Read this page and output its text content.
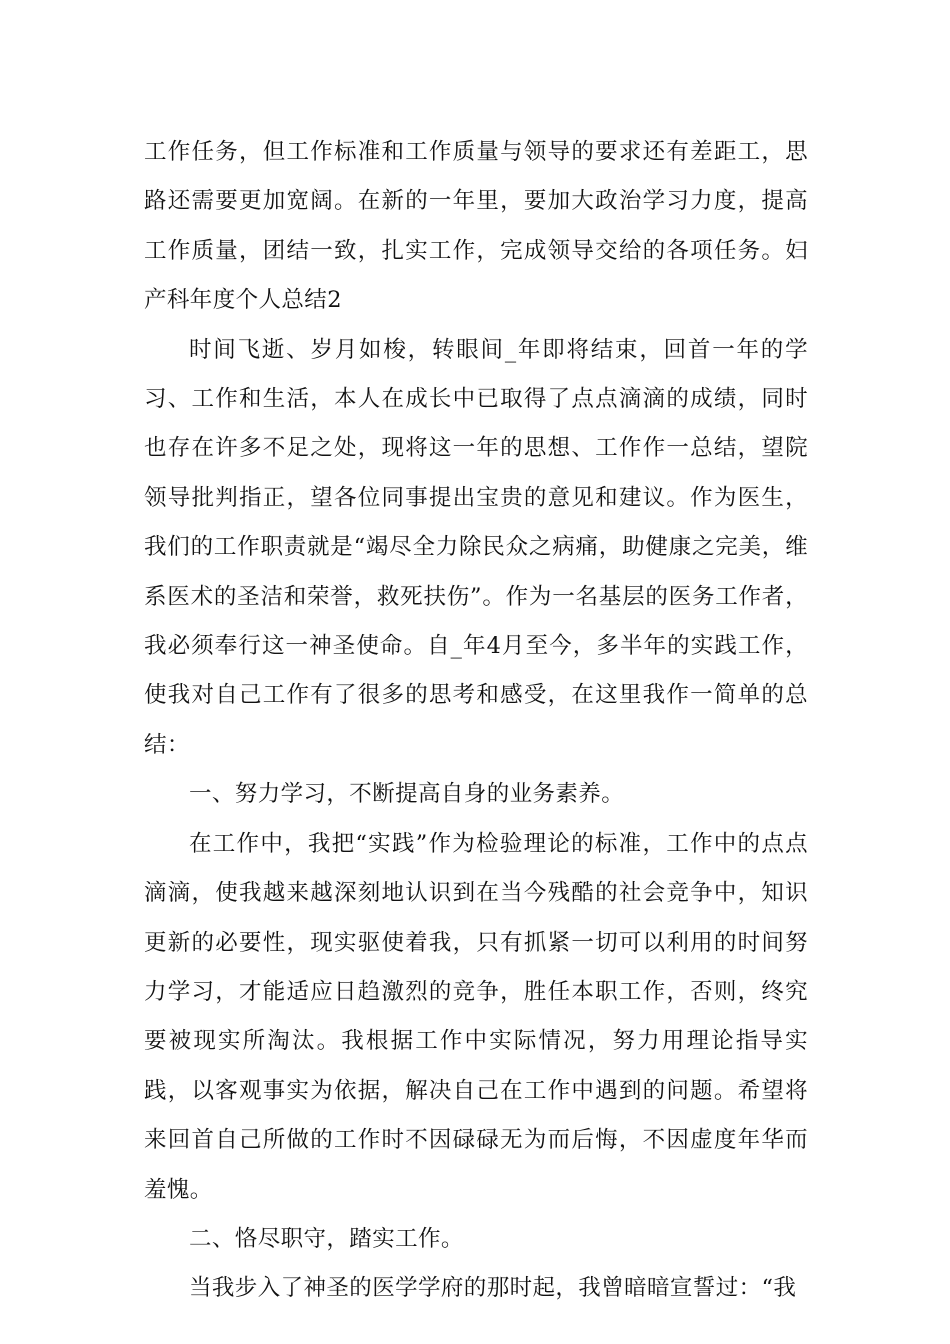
工作任务，但工作标准和工作质量与领导的要求还有差距工，思路还需要更加宽阔。在新的一年里，要加大政治学习力度，提高工作质量，团结一致，扎实工作，完成领导交给的各项任务。妇产科年度个人总结2

时间飞逝、岁月如梭，转眼间_年即将结束，回首一年的学习、工作和生活，本人在成长中已取得了点点滴滴的成绩，同时也存在许多不足之处，现将这一年的思想、工作作一总结，望院领导批判指正，望各位同事提出宝贵的意见和建议。作为医生，我们的工作职责就是“竭尽全力除民众之病痛，助健康之完美，维系医术的圣洁和荣誉，救死扶伤”。作为一名基层的医务工作者，我必须奉行这一神圣使命。自_年4月至今，多半年的实践工作，使我对自己工作有了很多的思考和感受，在这里我作一简单的总结：

一、努力学习，不断提高自身的业务素养。

在工作中，我把“实践”作为检验理论的标准，工作中的点点滴滴，使我越来越深刻地认识到在当今残酷的社会竞争中，知识更新的必要性，现实驱使着我，只有抓紧一切可以利用的时间努力学习，才能适应日趋激烈的竞争，胜任本职工作，否则，终究要被现实所淘汰。我根据工作中实际情况，努力用理论指导实践，以客观事实为依据，解决自己在工作中遇到的问题。希望将来回首自己所做的工作时不因碌碌无为而后悔，不因虚度年华而羞愧。

二、恪尽职守，踏实工作。

当我步入了神圣的医学学府的那时起，我曾暗暗宣誓过：“我
